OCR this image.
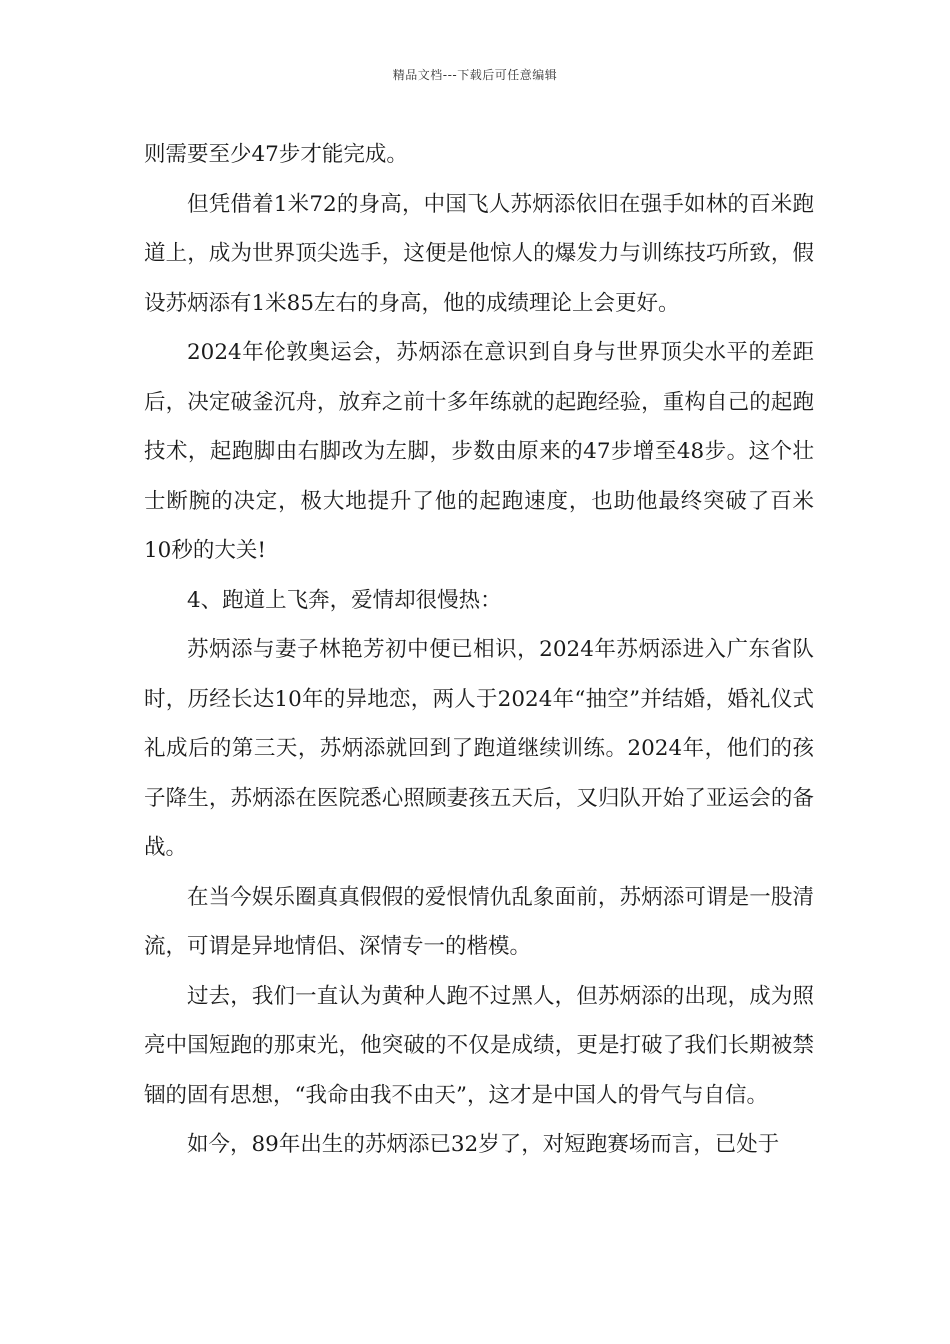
精品文档---下载后可任意编辑

则需要至少47步才能完成。

但凭借着1米72的身高，中国飞人苏炳添依旧在强手如林的百米跑道上，成为世界顶尖选手，这便是他惊人的爆发力与训练技巧所致，假设苏炳添有1米85左右的身高，他的成绩理论上会更好。

2024年伦敦奥运会，苏炳添在意识到自身与世界顶尖水平的差距后，决定破釜沉舟，放弃之前十多年练就的起跑经验，重构自己的起跑技术，起跑脚由右脚改为左脚，步数由原来的47步增至48步。这个壮士断腕的决定，极大地提升了他的起跑速度，也助他最终突破了百米10秒的大关!

4、跑道上飞奔，爱情却很慢热：

苏炳添与妻子林艳芳初中便已相识，2024年苏炳添进入广东省队时，历经长达10年的异地恋，两人于2024年“抽空”并结婚，婚礼仪式礼成后的第三天，苏炳添就回到了跑道继续训练。2024年，他们的孩子降生，苏炳添在医院悉心照顾妻孩五天后，又归队开始了亚运会的备战。

在当今娱乐圈真真假假的爱恨情仇乱象面前，苏炳添可谓是一股清流，可谓是异地情侣、深情专一的楷模。

过去，我们一直认为黄种人跑不过黑人，但苏炳添的出现，成为照亮中国短跑的那束光，他突破的不仅是成绩，更是打破了我们长期被禁锢的固有思想，“我命由我不由天”，这才是中国人的骨气与自信。

如今，89年出生的苏炳添已32岁了，对短跑赛场而言，已处于
